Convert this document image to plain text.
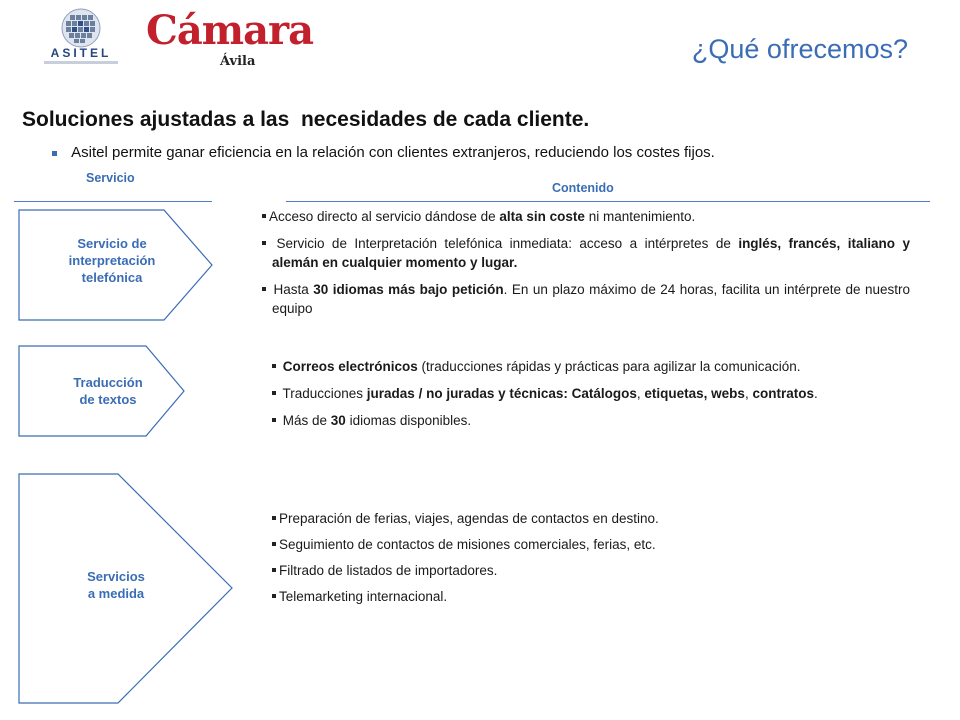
ASITEL Cámara
Ávila	¿Qué ofrecemos?
Soluciones ajustadas a las  necesidades de cada cliente.
Asitel permite ganar eficiencia en la relación con clientes extranjeros, reduciendo los costes fijos.
Servicio
Contenido
Servicio de
interpretación
telefónica
Traducción
de textos
Servicios
a medida

Acceso directo al servicio dándose de alta sin coste ni mantenimiento.

Servicio de Interpretación telefónica inmediata: acceso a intérpretes de inglés, francés, italiano y alemán en cualquier momento y lugar.

Hasta 30 idiomas más bajo petición. En un plazo máximo de 24 horas, facilita un intérprete de nuestro equipo

Correos electrónicos (traducciones rápidas y prácticas para agilizar la comunicación.

Traducciones juradas / no juradas y técnicas: Catálogos, etiquetas, webs, contratos.

Más de 30 idiomas disponibles.

Preparación de ferias, viajes, agendas de contactos en destino.

Seguimiento de contactos de misiones comerciales, ferias, etc.

Filtrado de listados de importadores.

Telemarketing internacional.
